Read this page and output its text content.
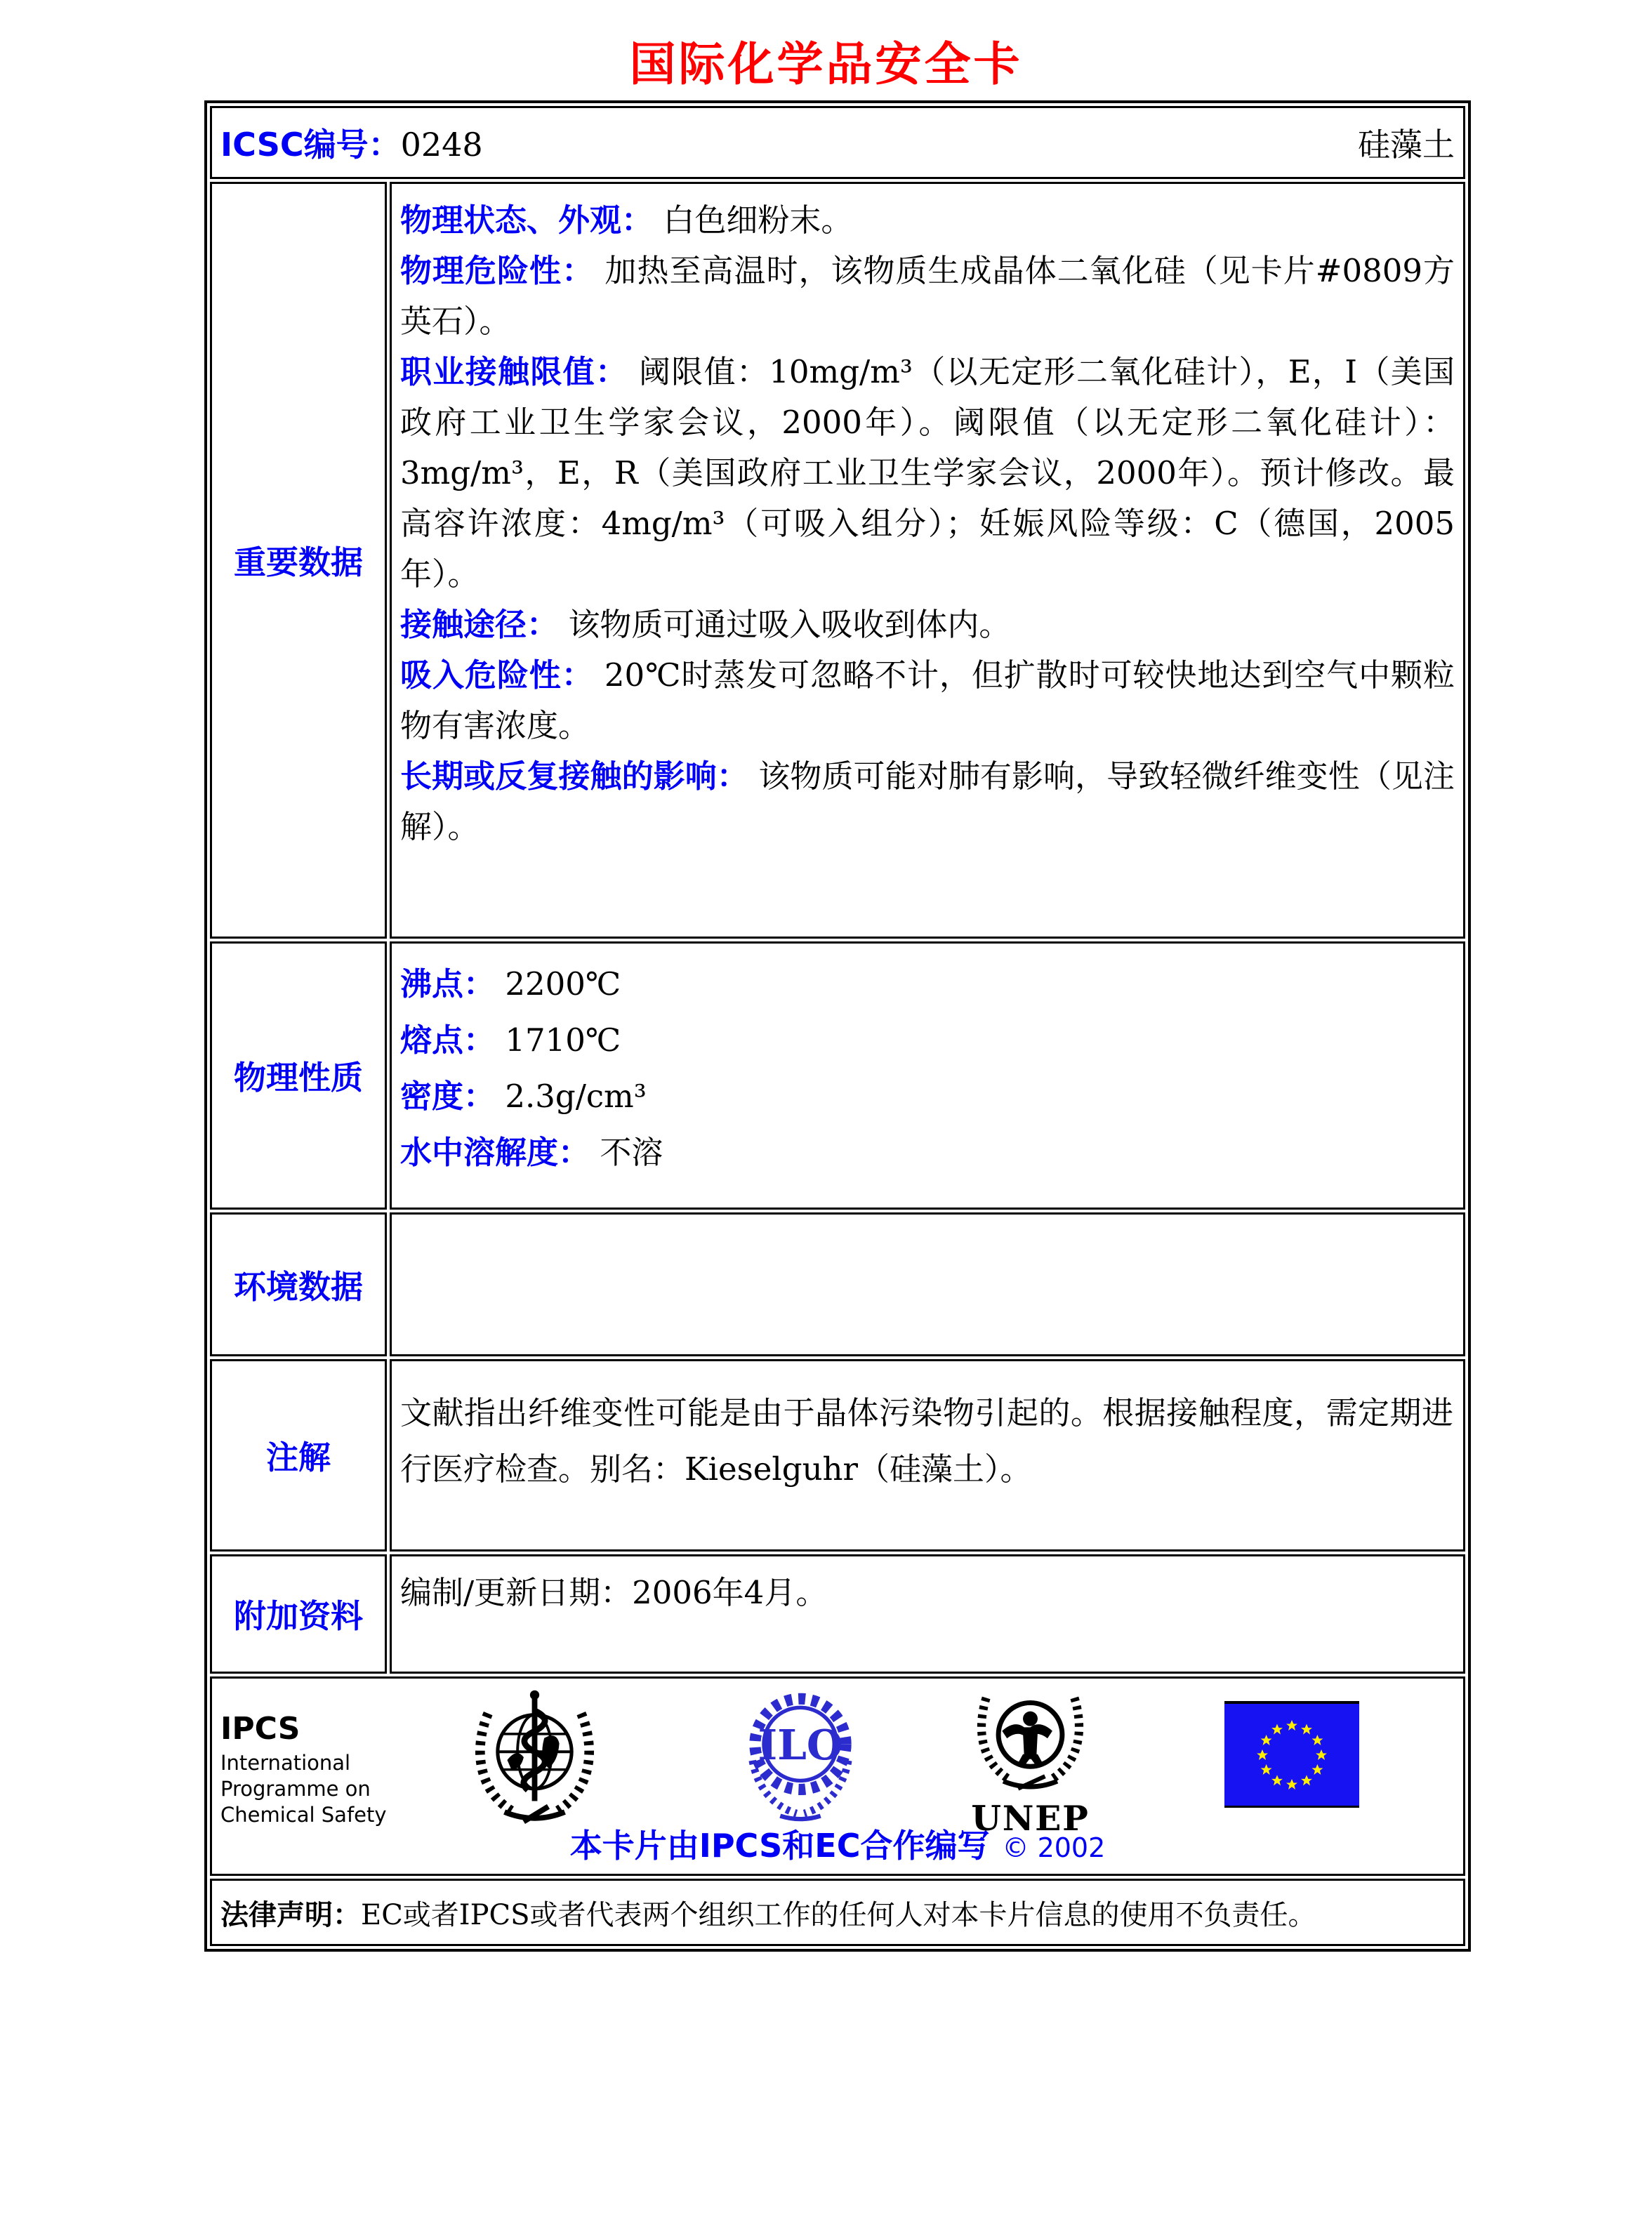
国际化学品安全卡
ICSC编号：0248	硅藻土
重要数据
物理状态、外观： 白色细粉末。
物理危险性： 加热至高温时，该物质生成晶体二氧化硅（见卡片#0809方英石）。
职业接触限值： 阈限值：10mg/m³（以无定形二氧化硅计），E，I（美国政府工业卫生学家会议，2000年）。阈限值（以无定形二氧化硅计）：3mg/m³，E，R（美国政府工业卫生学家会议，2000年）。预计修改。最高容许浓度：4mg/m³（可吸入组分）；妊娠风险等级：C（德国，2005年）。
接触途径： 该物质可通过吸入吸收到体内。
吸入危险性： 20℃时蒸发可忽略不计，但扩散时可较快地达到空气中颗粒物有害浓度。
长期或反复接触的影响： 该物质可能对肺有影响，导致轻微纤维变性（见注解）。
物理性质
沸点： 2200℃
熔点： 1710℃
密度： 2.3g/cm³
水中溶解度： 不溶
环境数据
注解
文献指出纤维变性可能是由于晶体污染物引起的。根据接触程度，需定期进行医疗检查。别名：Kieselguhr（硅藻土）。
附加资料
编制/更新日期：2006年4月。
IPCS
International Programme on Chemical Safety
ILO
UNEP
本卡片由IPCS和EC合作编写 © 2002
法律声明： EC或者IPCS或者代表两个组织工作的任何人对本卡片信息的使用不负责任。
